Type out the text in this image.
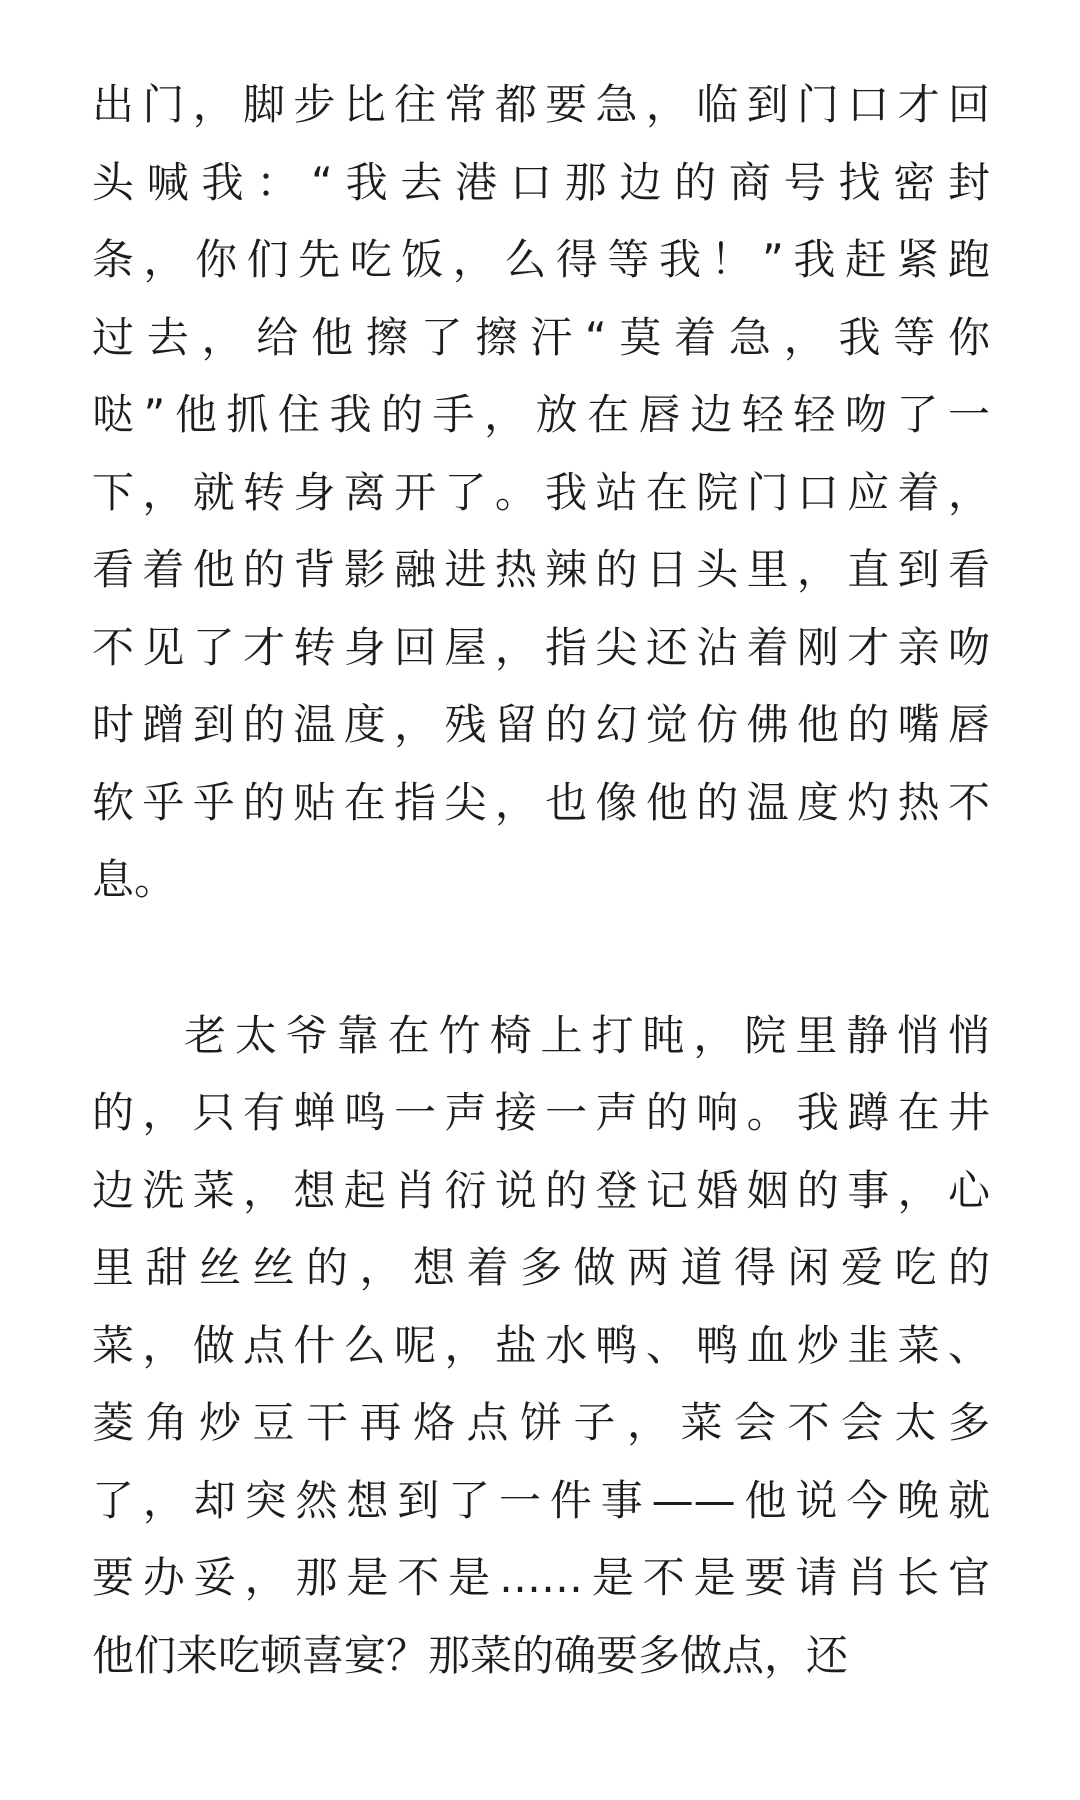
出门，脚步比往常都要急，临到门口才回
头喊我：“我去港口那边的商号找密封
条，你们先吃饭，么得等我！”我赶紧跑
过去，给他擦了擦汗“莫着急，我等你
哒”他抓住我的手，放在唇边轻轻吻了一
下，就转身离开了。我站在院门口应着，
看着他的背影融进热辣的日头里，直到看
不见了才转身回屋，指尖还沾着刚才亲吻
时蹭到的温度，残留的幻觉仿佛他的嘴唇
软乎乎的贴在指尖，也像他的温度灼热不
息。
老太爷靠在竹椅上打盹，院里静悄悄
的，只有蝉鸣一声接一声的响。我蹲在井
边洗菜，想起肖衍说的登记婚姻的事，心
里甜丝丝的，想着多做两道得闲爱吃的
菜，做点什么呢，盐水鸭、鸭血炒韭菜、
菱角炒豆干再烙点饼子，菜会不会太多
了，却突然想到了一件事——他说今晚就
要办妥，那是不是……是不是要请肖长官
他们来吃顿喜宴？那菜的确要多做点，还
